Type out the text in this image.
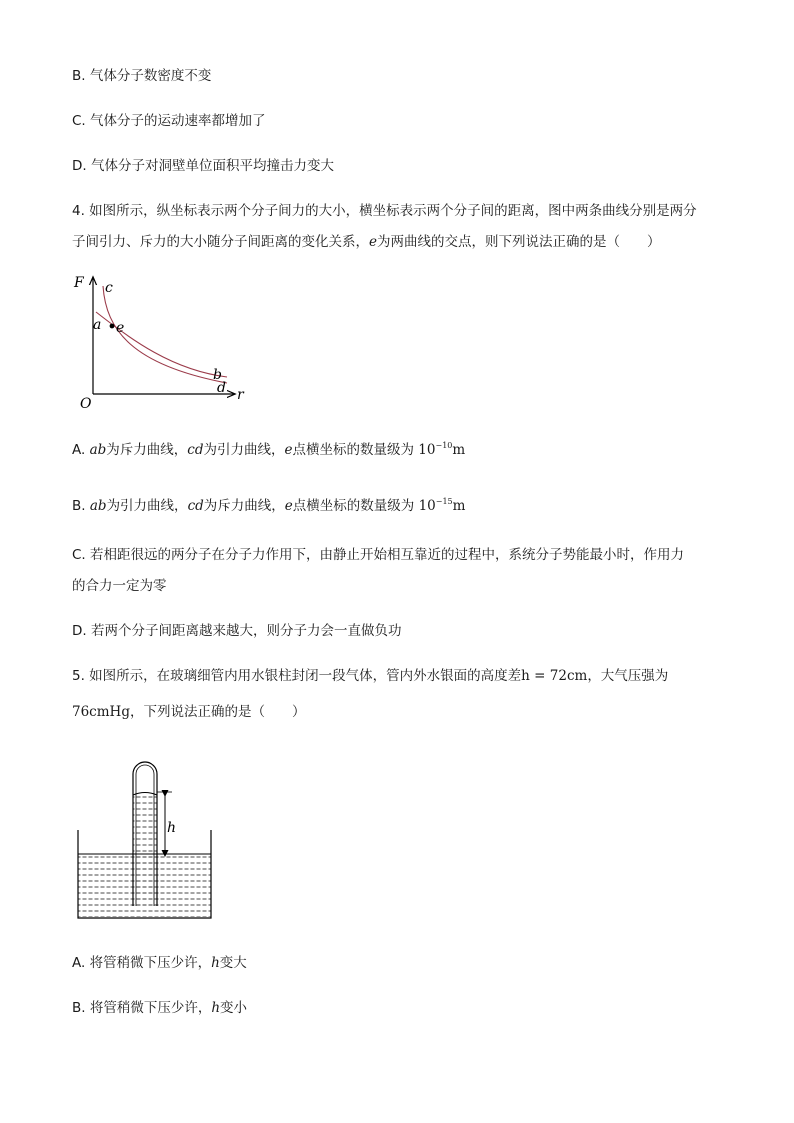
B. 气体分子数密度不变
C. 气体分子的运动速率都增加了
D. 气体分子对洞壁单位面积平均撞击力变大
4. 如图所示，纵坐标表示两个分子间力的大小，横坐标表示两个分子间的距离，图中两条曲线分别是两分
子间引力、斥力的大小随分子间距离的变化关系，e为两曲线的交点，则下列说法正确的是（　　）
F c
a e
b
d r
O
A. ab为斥力曲线，cd为引力曲线，e点横坐标的数量级为 $10^{-10}m$
B. ab为引力曲线，cd为斥力曲线，e点横坐标的数量级为 $10^{-15}m$
C. 若相距很远的两分子在分子力作用下，由静止开始相互靠近的过程中，系统分子势能最小时，作用力
的合力一定为零
D. 若两个分子间距离越来越大，则分子力会一直做负功
5. 如图所示，在玻璃细管内用水银柱封闭一段气体，管内外水银面的高度差h = 72cm，大气压强为
76cmHg，下列说法正确的是（　　）
h
A. 将管稍微下压少许，h变大
B. 将管稍微下压少许，h变小
